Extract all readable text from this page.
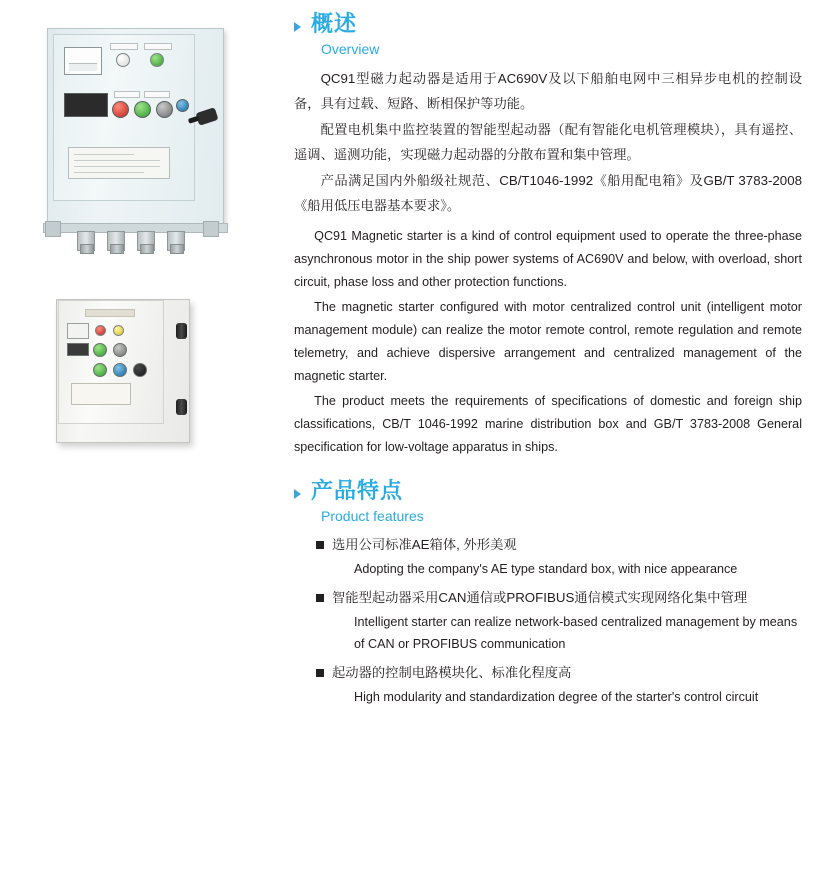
概述
Overview

QC91型磁力起动器是适用于AC690V及以下船舶电网中三相异步电机的控制设备，具有过载、短路、断相保护等功能。

配置电机集中监控装置的智能型起动器（配有智能化电机管理模块），具有遥控、遥调、遥测功能，实现磁力起动器的分散布置和集中管理。

产品满足国内外船级社规范、CB/T1046-1992《船用配电箱》及GB/T 3783-2008《船用低压电器基本要求》。

QC91 Magnetic starter is a kind of control equipment used to operate the three-phase asynchronous motor in the ship power systems of AC690V and below, with overload, short circuit, phase loss and other protection functions.

The magnetic starter configured with motor centralized control unit (intelligent motor management module) can realize the motor remote control, remote regulation and remote telemetry, and achieve dispersive arrangement and centralized management of the magnetic starter.

The product meets the requirements of specifications of domestic and foreign ship classifications, CB/T 1046-1992 marine distribution box and GB/T 3783-2008 General specification for low-voltage apparatus in ships.

产品特点
Product features
选用公司标准AE箱体, 外形美观
Adopting the company's AE type standard box, with nice appearance
智能型起动器采用CAN通信或PROFIBUS通信模式实现网络化集中管理
Intelligent starter can realize network-based centralized management by means of CAN or PROFIBUS communication
起动器的控制电路模块化、标准化程度高
High modularity and standardization degree of the starter's control circuit
